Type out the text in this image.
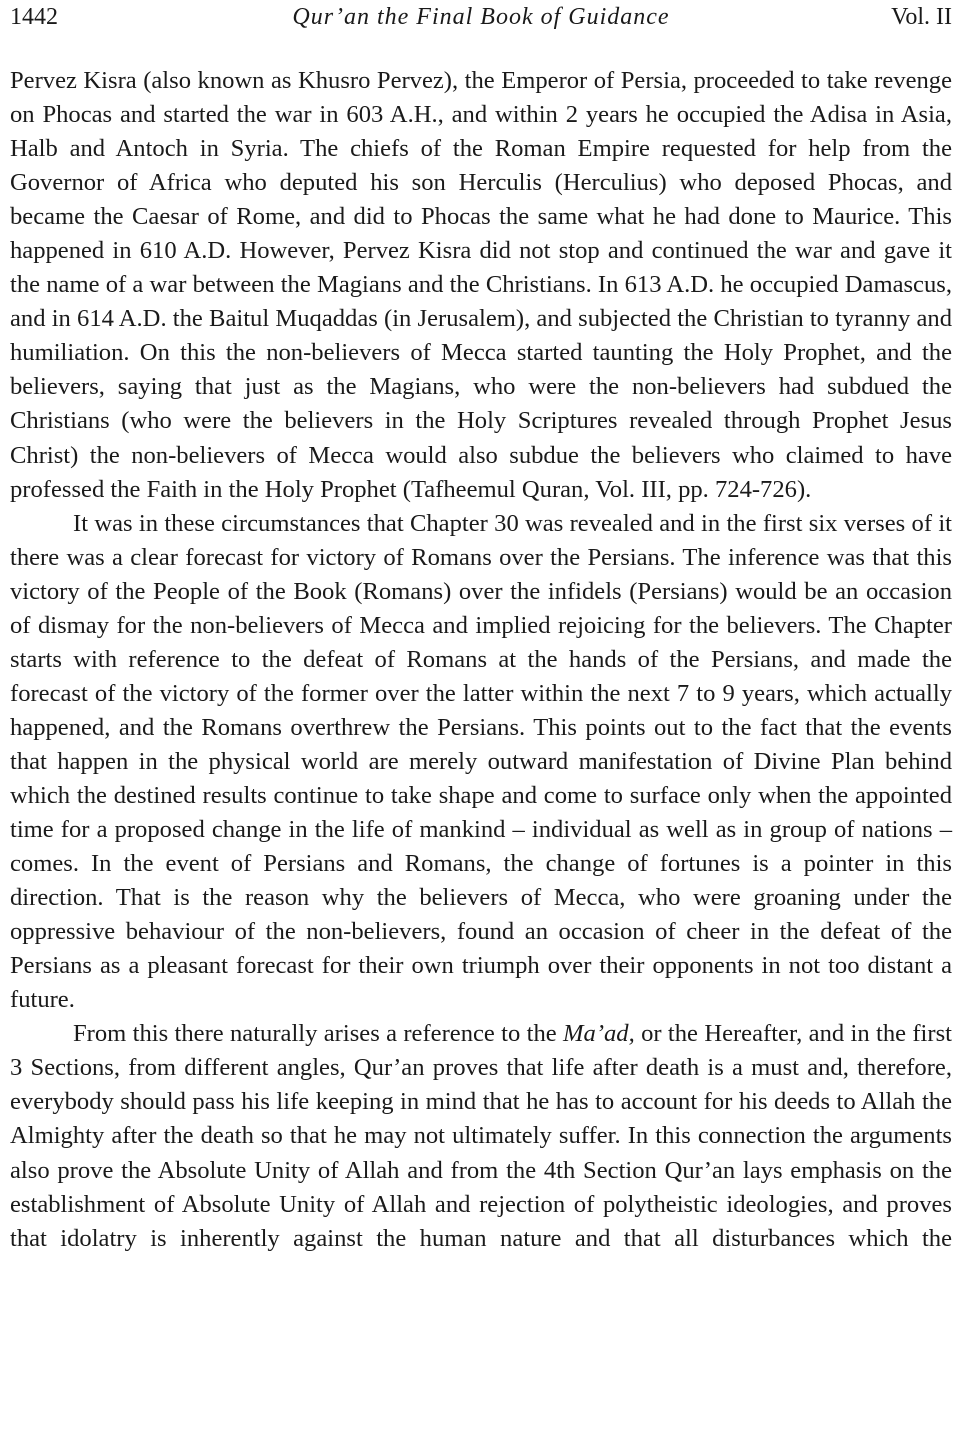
1442	Qur’an the Final Book of Guidance	Vol. II

Pervez Kisra (also known as Khusro Pervez), the Emperor of Persia, proceeded to take revenge on Phocas and started the war in 603 A.H., and within 2 years he occupied the Adisa in Asia, Halb and Antoch in Syria. The chiefs of the Roman Empire requested for help from the Governor of Africa who deputed his son Herculis (Herculius) who deposed Phocas, and became the Caesar of Rome, and did to Phocas the same what he had done to Maurice. This happened in 610 A.D. However, Pervez Kisra did not stop and continued the war and gave it the name of a war between the Magians and the Christians. In 613 A.D. he occupied Damascus, and in 614 A.D. the Baitul Muqaddas (in Jerusalem), and subjected the Christian to tyranny and humiliation. On this the non-believers of Mecca started taunting the Holy Prophet, and the believers, saying that just as the Magians, who were the non-believers had subdued the Christians (who were the believers in the Holy Scriptures revealed through Prophet Jesus Christ) the non-believers of Mecca would also subdue the believers who claimed to have professed the Faith in the Holy Prophet (Tafheemul Quran, Vol. III, pp. 724-726).

It was in these circumstances that Chapter 30 was revealed and in the first six verses of it there was a clear forecast for victory of Romans over the Persians. The inference was that this victory of the People of the Book (Romans) over the infidels (Persians) would be an occasion of dismay for the non-believers of Mecca and implied rejoicing for the believers. The Chapter starts with reference to the defeat of Romans at the hands of the Persians, and made the forecast of the victory of the former over the latter within the next 7 to 9 years, which actually happened, and the Romans overthrew the Persians. This points out to the fact that the events that happen in the physical world are merely outward manifestation of Divine Plan behind which the destined results continue to take shape and come to surface only when the appointed time for a proposed change in the life of mankind – individual as well as in group of nations – comes. In the event of Persians and Romans, the change of fortunes is a pointer in this direction. That is the reason why the believers of Mecca, who were groaning under the oppressive behaviour of the non-believers, found an occasion of cheer in the defeat of the Persians as a pleasant forecast for their own triumph over their opponents in not too distant a future.

From this there naturally arises a reference to the Ma’ad, or the Hereafter, and in the first 3 Sections, from different angles, Qur’an proves that life after death is a must and, therefore, everybody should pass his life keeping in mind that he has to account for his deeds to Allah the Almighty after the death so that he may not ultimately suffer. In this connection the arguments also prove the Absolute Unity of Allah and from the 4th Section Qur’an lays emphasis on the establishment of Absolute Unity of Allah and rejection of polytheistic ideologies, and proves that idolatry is inherently against the human nature and that all disturbances which the
